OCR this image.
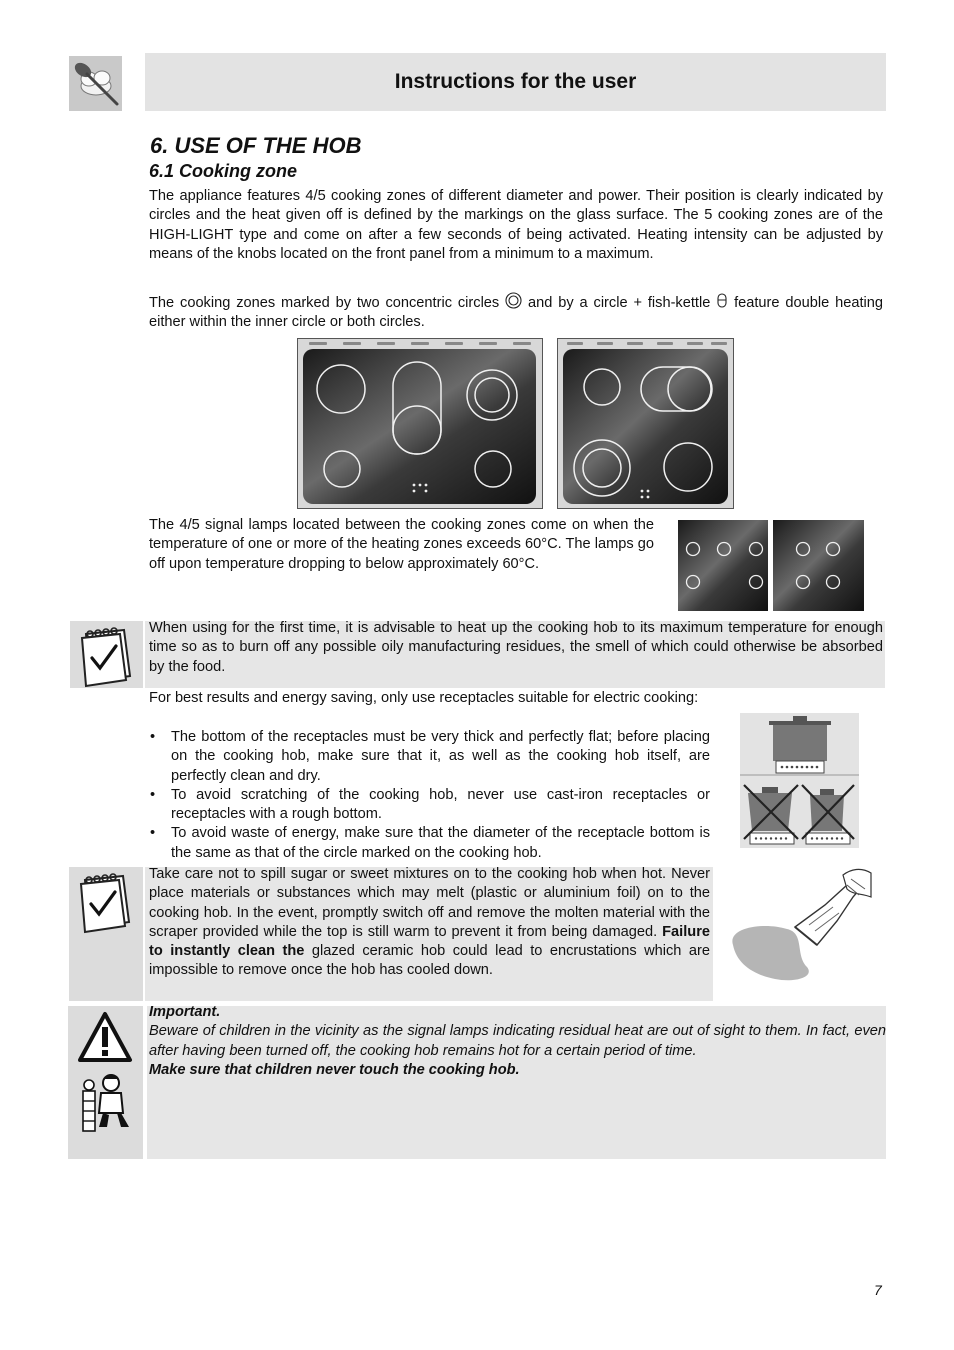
Instructions for the user
6. USE OF THE HOB
6.1 Cooking zone

The appliance features 4/5 cooking zones of different diameter and power. Their position is clearly indicated by circles and the heat given off is defined by the markings on the glass surface. The 5 cooking zones are of the HIGH-LIGHT type and come on after a few seconds of being activated. Heating intensity can be adjusted by means of the knobs located on the front panel from a minimum to a maximum.

The cooking zones marked by two concentric circles  and by a circle + fish-kettle  feature double heating either within the inner circle or both circles.

The 4/5 signal lamps located between the cooking zones come on when the temperature of one or more of the heating zones exceeds 60°C. The lamps go off upon temperature dropping to below approximately 60°C.

When using for the first time, it is advisable to heat up the cooking hob to its maximum temperature for enough time so as to burn off any possible oily manufacturing residues, the smell of which could otherwise be absorbed by the food.

For best results and energy saving, only use receptacles suitable for electric cooking:

• The bottom of the receptacles must be very thick and perfectly flat; before placing on the cooking hob, make sure that it, as well as the cooking hob itself, are perfectly clean and dry.
• To avoid scratching of the cooking hob, never use cast-iron receptacles or receptacles with a rough bottom.
• To avoid waste of energy, make sure that the diameter of the receptacle bottom is the same as that of the circle marked on the cooking hob.

Take care not to spill sugar or sweet mixtures on to the cooking hob when hot. Never place materials or substances which may melt (plastic or aluminium foil) on to the cooking hob. In the event, promptly switch off and remove the molten material with the scraper provided while the top is still warm to prevent it from being damaged. Failure to instantly clean the glazed ceramic hob could lead to encrustations which are impossible to remove once the hob has cooled down.

Important.

Beware of children in the vicinity as the signal lamps indicating residual heat are out of sight to them. In fact, even after having been turned off, the cooking hob remains hot for a certain period of time.

Make sure that children never touch the cooking hob.

7
